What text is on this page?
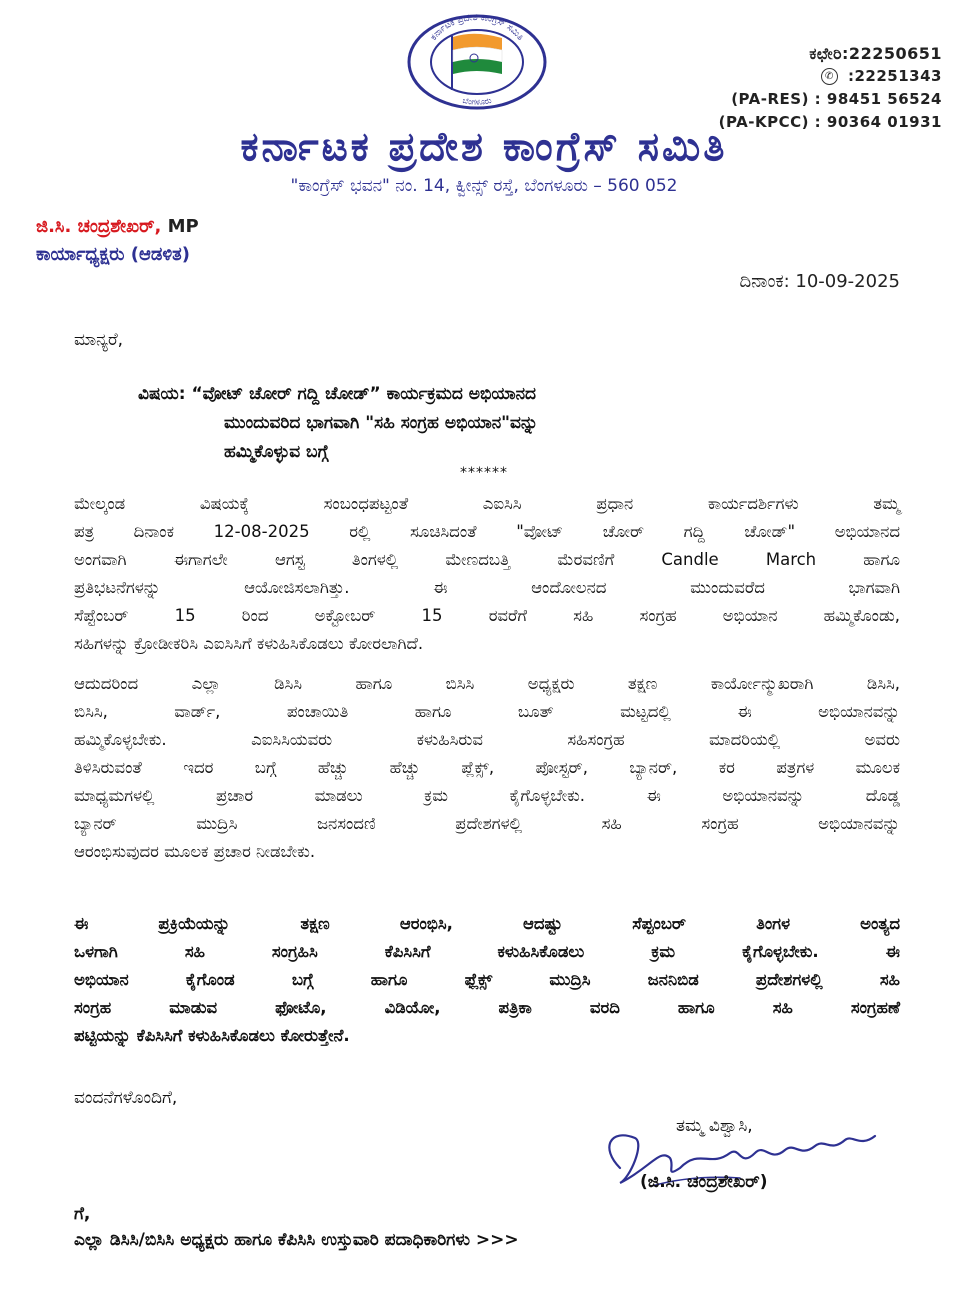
ಕರ್ನಾಟಕ ಪ್ರದೇಶ ಕಾಂಗ್ರೆಸ್ ಸಮಿತಿ
ಬೆಂಗಳೂರು
ಕಛೇರಿ:22250651
✆ :22251343
(PA-RES) : 98451 56524
(PA-KPCC) : 90364 01931
ಕರ್ನಾಟಕ ಪ್ರದೇಶ ಕಾಂಗ್ರೆಸ್ ಸಮಿತಿ
"ಕಾಂಗ್ರೆಸ್ ಭವನ" ನಂ. 14, ಕ್ವೀನ್ಸ್ ರಸ್ತೆ, ಬೆಂಗಳೂರು – 560 052
ಜಿ.ಸಿ. ಚಂದ್ರಶೇಖರ್, MP
ಕಾರ್ಯಾಧ್ಯಕ್ಷರು (ಆಡಳಿತ)
ದಿನಾಂಕ: 10-09-2025
ಮಾನ್ಯರೆ,
ವಿಷಯ: “ವೋಟ್ ಚೋರ್ ಗದ್ದಿ ಚೋಡ್” ಕಾರ್ಯಕ್ರಮದ ಅಭಿಯಾನದ
ಮುಂದುವರಿದ ಭಾಗವಾಗಿ "ಸಹಿ ಸಂಗ್ರಹ ಅಭಿಯಾನ"ವನ್ನು
ಹಮ್ಮಿಕೊಳ್ಳುವ ಬಗ್ಗೆ
******
ಮೇಲ್ಕಂಡ ವಿಷಯಕ್ಕೆ ಸಂಬಂಧಪಟ್ಟಂತೆ ಎಐಸಿಸಿ ಪ್ರಧಾನ ಕಾರ್ಯದರ್ಶಿಗಳು ತಮ್ಮ
ಪತ್ರ ದಿನಾಂಕ 12-08-2025 ರಲ್ಲಿ ಸೂಚಿಸಿದಂತೆ "ವೋಟ್ ಚೋರ್ ಗದ್ದಿ ಚೋಡ್" ಅಭಿಯಾನದ
ಅಂಗವಾಗಿ ಈಗಾಗಲೇ ಆಗಸ್ಟ ತಿಂಗಳಲ್ಲಿ ಮೇಣದಬತ್ತಿ ಮೆರವಣಿಗೆ Candle March ಹಾಗೂ
ಪ್ರತಿಭಟನೆಗಳನ್ನು ಆಯೋಜಿಸಲಾಗಿತ್ತು. ಈ ಆಂದೋಲನದ ಮುಂದುವರೆದ ಭಾಗವಾಗಿ
ಸೆಪ್ಟೆಂಬರ್ 15 ರಿಂದ ಅಕ್ಟೋಬರ್ 15 ರವರೆಗೆ ಸಹಿ ಸಂಗ್ರಹ ಅಭಿಯಾನ ಹಮ್ಮಿಕೊಂಡು,
ಸಹಿಗಳನ್ನು ಕ್ರೋಡೀಕರಿಸಿ ಎಐಸಿಸಿಗೆ ಕಳುಹಿಸಿಕೊಡಲು ಕೋರಲಾಗಿದೆ.
ಆದುದರಿಂದ ಎಲ್ಲಾ ಡಿಸಿಸಿ ಹಾಗೂ ಬಿಸಿಸಿ ಅಧ್ಯಕ್ಷರು ತಕ್ಷಣ ಕಾರ್ಯೋನ್ಮುಖರಾಗಿ ಡಿಸಿಸಿ,
ಬಿಸಿಸಿ, ವಾರ್ಡ್, ಪಂಚಾಯಿತಿ ಹಾಗೂ ಬೂತ್ ಮಟ್ಟದಲ್ಲಿ ಈ ಅಭಿಯಾನವನ್ನು
ಹಮ್ಮಿಕೊಳ್ಳಬೇಕು. ಎಐಸಿಸಿಯವರು ಕಳುಹಿಸಿರುವ ಸಹಿಸಂಗ್ರಹ ಮಾದರಿಯಲ್ಲಿ ಅವರು
ತಿಳಿಸಿರುವಂತೆ ಇದರ ಬಗ್ಗೆ ಹೆಚ್ಚು ಹೆಚ್ಚು ಪ್ಲೆಕ್ಸ್, ಪೋಸ್ಟರ್, ಬ್ಯಾನರ್, ಕರ ಪತ್ರಗಳ ಮೂಲಕ
ಮಾಧ್ಯಮಗಳಲ್ಲಿ ಪ್ರಚಾರ ಮಾಡಲು ಕ್ರಮ ಕೈಗೊಳ್ಳಬೇಕು. ಈ ಅಭಿಯಾನವನ್ನು ದೊಡ್ಡ
ಬ್ಯಾನರ್ ಮುದ್ರಿಸಿ ಜನಸಂದಣಿ ಪ್ರದೇಶಗಳಲ್ಲಿ ಸಹಿ ಸಂಗ್ರಹ ಅಭಿಯಾನವನ್ನು
ಆರಂಭಿಸುವುದರ ಮೂಲಕ ಪ್ರಚಾರ ನೀಡಬೇಕು.
ಈ ಪ್ರಕ್ರಿಯೆಯನ್ನು ತಕ್ಷಣ ಆರಂಭಿಸಿ, ಆದಷ್ಟು ಸೆಪ್ಟಂಬರ್ ತಿಂಗಳ ಅಂತ್ಯದ
ಒಳಗಾಗಿ ಸಹಿ ಸಂಗ್ರಹಿಸಿ ಕೆಪಿಸಿಸಿಗೆ ಕಳುಹಿಸಿಕೊಡಲು ಕ್ರಮ ಕೈಗೊಳ್ಳಬೇಕು. ಈ
ಅಭಿಯಾನ ಕೈಗೊಂಡ ಬಗ್ಗೆ ಹಾಗೂ ಫ್ಲೆಕ್ಸ್ ಮುದ್ರಿಸಿ ಜನನಿಬಿಡ ಪ್ರದೇಶಗಳಲ್ಲಿ ಸಹಿ
ಸಂಗ್ರಹ ಮಾಡುವ ಫೋಟೊ, ವಿಡಿಯೋ, ಪತ್ರಿಕಾ ವರದಿ ಹಾಗೂ ಸಹಿ ಸಂಗ್ರಹಣೆ
ಪಟ್ಟಿಯನ್ನು ಕೆಪಿಸಿಸಿಗೆ ಕಳುಹಿಸಿಕೊಡಲು ಕೋರುತ್ತೇನೆ.
ವಂದನೆಗಳೊಂದಿಗೆ,
ತಮ್ಮ ವಿಶ್ವಾಸಿ,
(ಜಿ.ಸಿ. ಚಂದ್ರಶೇಖರ್)
ಗೆ,
ಎಲ್ಲಾ ಡಿಸಿಸಿ/ಬಿಸಿಸಿ ಅಧ್ಯಕ್ಷರು ಹಾಗೂ ಕೆಪಿಸಿಸಿ ಉಸ್ತುವಾರಿ ಪದಾಧಿಕಾರಿಗಳು >>>
